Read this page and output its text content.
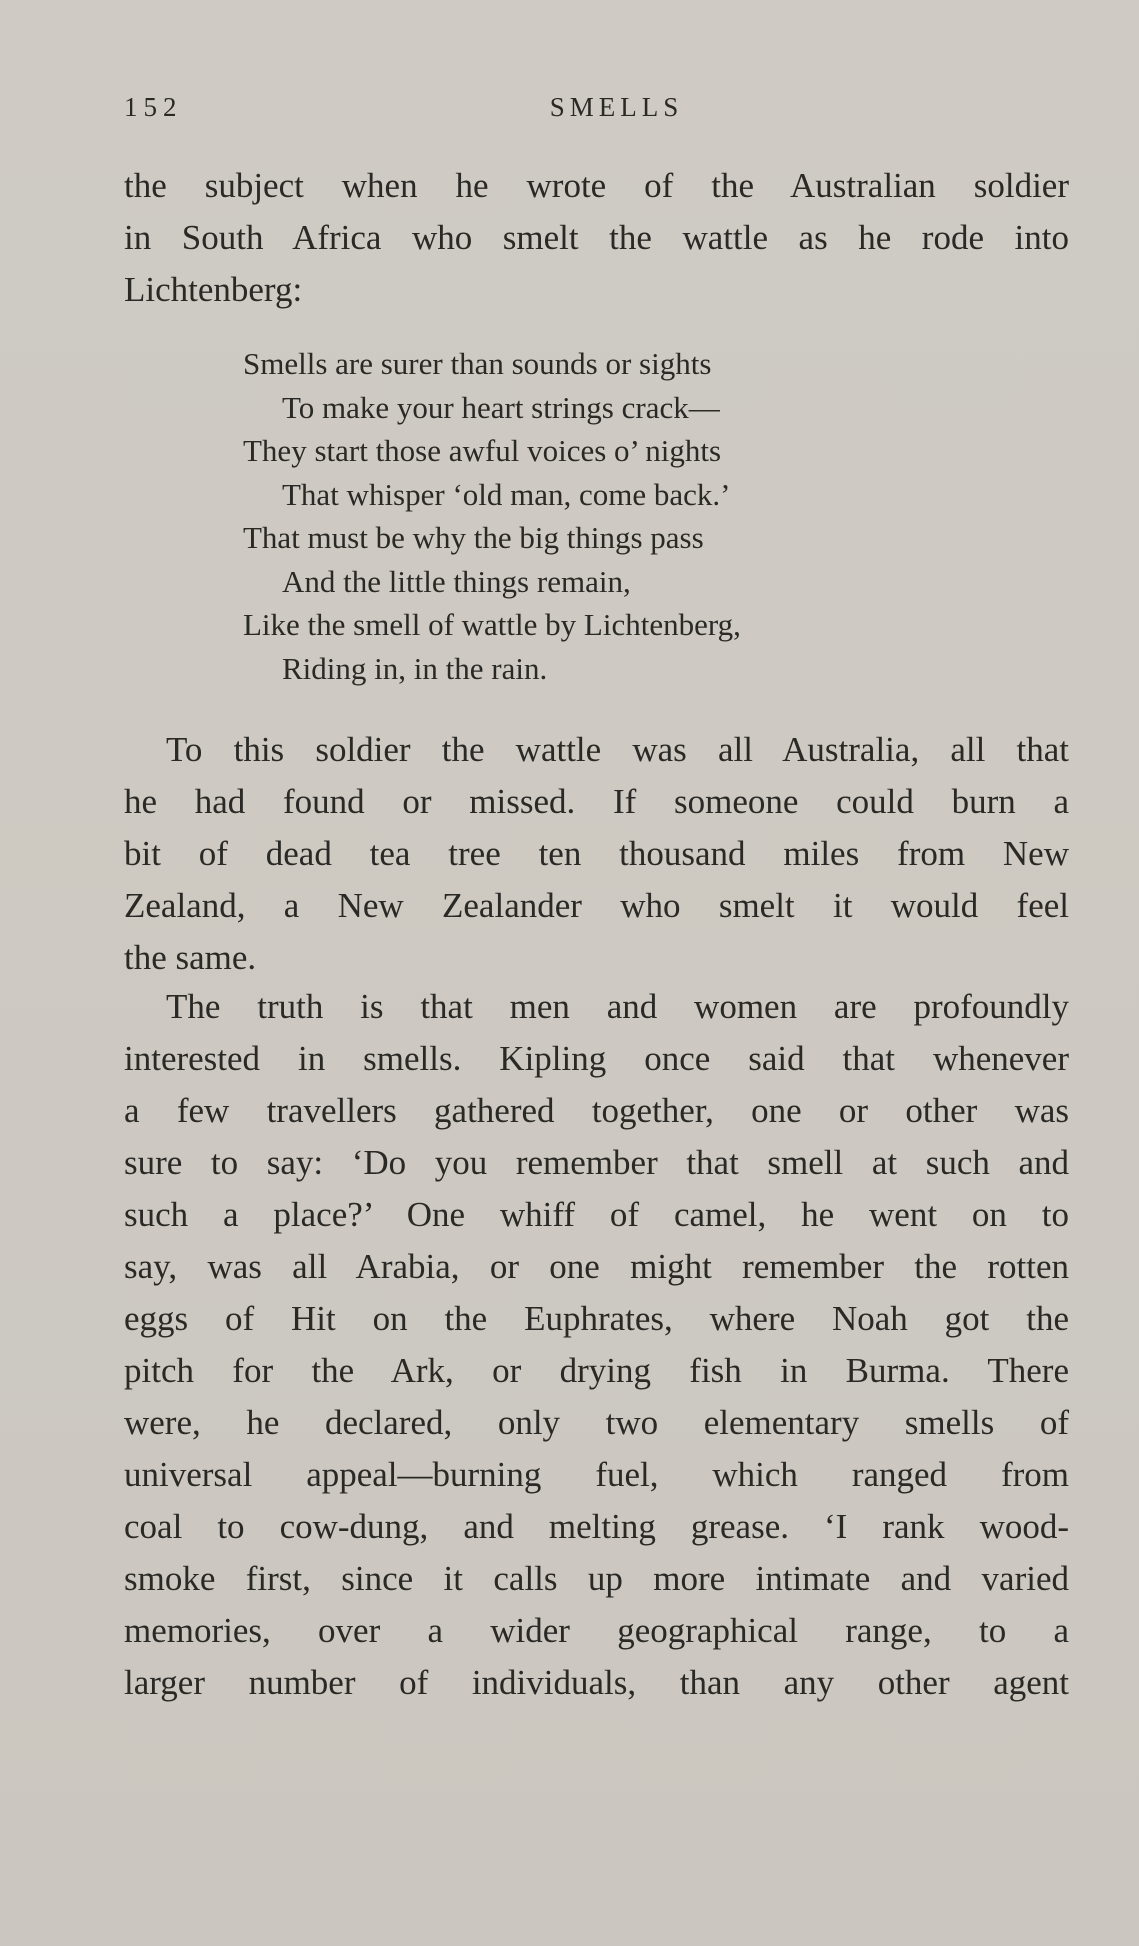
152	SMELLS
the subject when he wrote of the Australian soldier
in South Africa who smelt the wattle as he rode into
Lichtenberg:
Smells are surer than sounds or sights
To make your heart strings crack—
They start those awful voices o’ nights
That whisper ‘old man, come back.’
That must be why the big things pass
And the little things remain,
Like the smell of wattle by Lichtenberg,
Riding in, in the rain.
To this soldier the wattle was all Australia, all that
he had found or missed. If someone could burn a
bit of dead tea tree ten thousand miles from New
Zealand, a New Zealander who smelt it would feel
the same.
The truth is that men and women are profoundly
interested in smells. Kipling once said that whenever
a few travellers gathered together, one or other was
sure to say: ‘Do you remember that smell at such and
such a place?’ One whiff of camel, he went on to
say, was all Arabia, or one might remember the rotten
eggs of Hit on the Euphrates, where Noah got the
pitch for the Ark, or drying fish in Burma. There
were, he declared, only two elementary smells of
universal appeal—burning fuel, which ranged from
coal to cow-dung, and melting grease. ‘I rank wood-
smoke first, since it calls up more intimate and varied
memories, over a wider geographical range, to a
larger number of individuals, than any other agent
